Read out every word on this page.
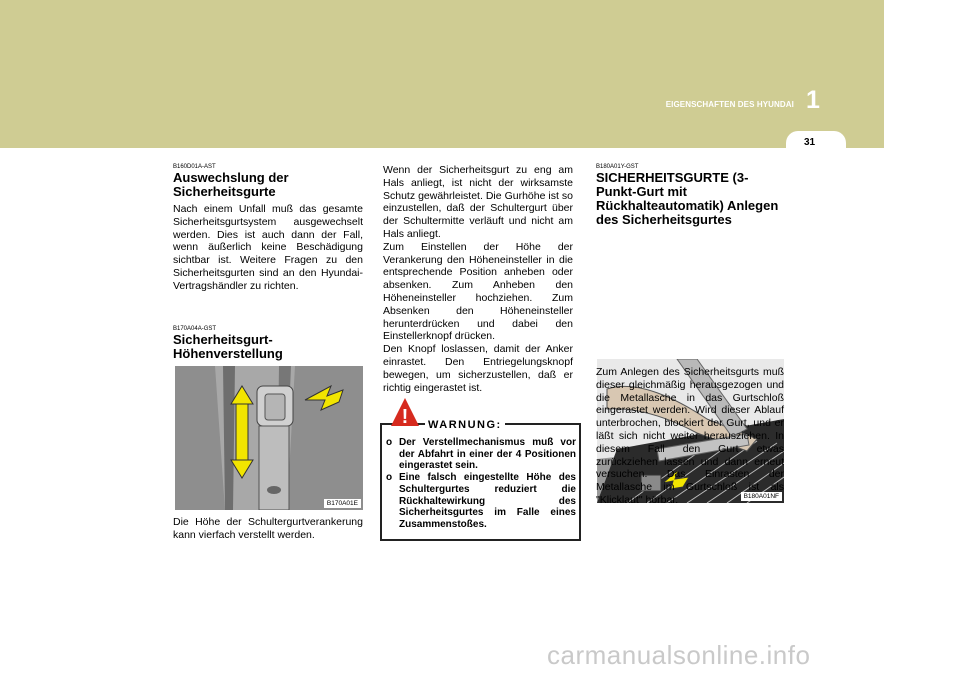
EIGENSCHAFTEN DES HYUNDAI 1
31

B160D01A-AST

Auswechslung der Sicherheitsgurte

Nach einem Unfall muß das gesamte Sicherheitsgurtsystem ausgewechselt werden. Dies ist auch dann der Fall, wenn äußerlich keine Beschädigung sichtbar ist. Weitere Fragen zu den Sicherheitsgurten sind an den Hyundai-Vertragshändler zu richten.

B170A04A-GST

Sicherheitsgurt-Höhenverstellung
B170A01E

Die Höhe der Schultergurtverankerung kann vierfach verstellt werden.

Wenn der Sicherheitsgurt zu eng am Hals anliegt, ist nicht der wirksamste Schutz gewährleistet. Die Gurhöhe ist so einzustellen, daß der Schultergurt über der Schultermitte verläuft und nicht am Hals anliegt.
Zum Einstellen der Höhe der Verankerung den Höheneinsteller in die entsprechende Position anheben oder absenken. Zum Anheben den Höheneinsteller hochziehen. Zum Absenken den Höheneinsteller herunterdrücken und dabei den Einstellerknopf drücken.
Den Knopf loslassen, damit der Anker einrastet. Den Entriegelungsknopf bewegen, um sicherzustellen, daß er richtig eingerastet ist.

! WARNUNG:
o Der Verstellmechanismus muß vor der Abfahrt in einer der 4 Positionen eingerastet sein.
o Eine falsch eingestellte Höhe des Schultergurtes reduziert die Rückhaltewirkung des Sicherheitsgurtes im Falle eines Zusammenstoßes.

B180A01Y-GST

SICHERHEITSGURTE (3-Punkt-Gurt mit Rückhalteautomatik) Anlegen des Sicherheitsgurtes
B180A01NF

Zum Anlegen des Sicherheitsgurts muß dieser gleichmäßig herausgezogen und die Metallasche in das Gurtschloß eingerastet werden. Wird dieser Ablauf unterbrochen, blockiert der Gurt, und er läßt sich nicht weiter herausziehen. In diesem Fall den Gurt etwas zurückziehen lassen und dann erneut versuchen. Das Einrasten der Metallasche im Gurtschloß ist als "Klicklaut" hörbar.

carmanualsonline.info
